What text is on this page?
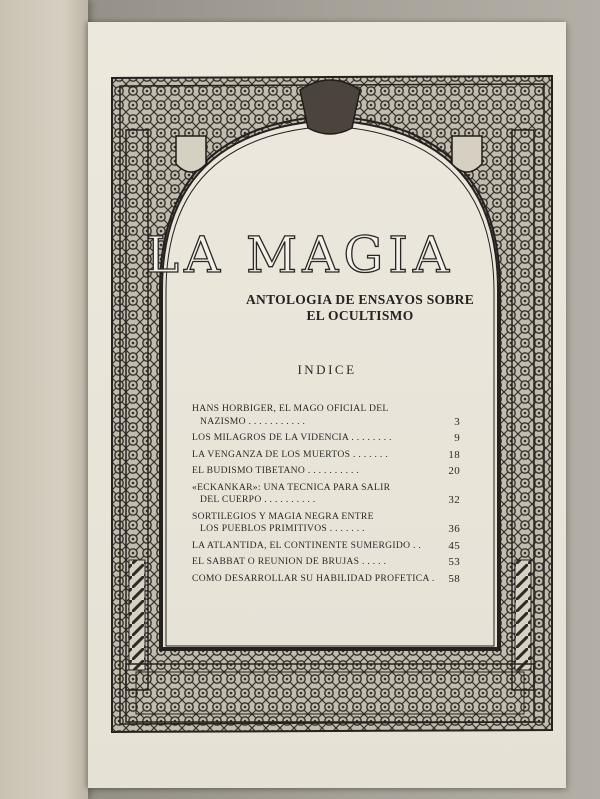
LA MAGIA
ANTOLOGIA DE ENSAYOS SOBRE
EL OCULTISMO
INDICE
HANS HORBIGER, EL MAGO OFICIAL DEL
NAZISMO . . . . . . . . . . .	3
LOS MILAGROS DE LA VIDENCIA . . . . . . . .	9
LA VENGANZA DE LOS MUERTOS . . . . . . .	18
EL BUDISMO TIBETANO . . . . . . . . . .	20
«ECKANKAR»: UNA TECNICA PARA SALIR
DEL CUERPO . . . . . . . . . .	32
SORTILEGIOS Y MAGIA NEGRA ENTRE
LOS PUEBLOS PRIMITIVOS . . . . . . .	36
LA ATLANTIDA, EL CONTINENTE SUMERGIDO . .	45
EL SABBAT O REUNION DE BRUJAS . . . . .	53
COMO DESARROLLAR SU HABILIDAD PROFETICA .	58
